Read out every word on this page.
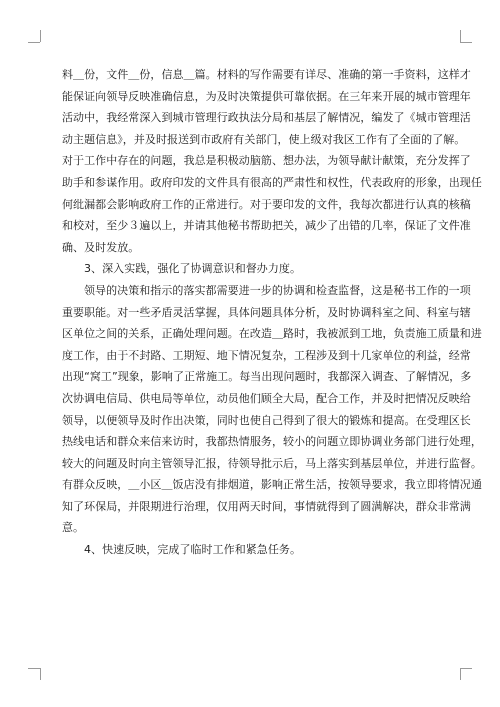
料＿份，文件＿份，信息＿篇。材料的写作需要有详尽、准确的第一手资料，这样才
能保证向领导反映准确信息，为及时决策提供可靠依据。在三年来开展的城市管理年
活动中，我经常深入到城市管理行政执法分局和基层了解情况，编发了《城市管理活
动主题信息》，并及时报送到市政府有关部门，使上级对我区工作有了全面的了解。
对于工作中存在的问题，我总是积极动脑筋、想办法，为领导献计献策，充分发挥了
助手和参谋作用。政府印发的文件具有很高的严肃性和权性，代表政府的形象，出现任
何纰漏都会影响政府工作的正常进行。对于要印发的文件，我每次都进行认真的核稿
和校对，至少３遍以上，并请其他秘书帮助把关，减少了出错的几率，保证了文件准
确、及时发放。
3、深入实践，强化了协调意识和督办力度。
领导的决策和指示的落实都需要进一步的协调和检查监督，这是秘书工作的一项
重要职能。对一些矛盾灵活掌握，具体问题具体分析，及时协调科室之间、科室与辖
区单位之间的关系，正确处理问题。在改造＿路时，我被派到工地，负责施工质量和进
度工作，由于不封路、工期短、地下情况复杂，工程涉及到十几家单位的利益，经常
出现“窝工”现象，影响了正常施工。每当出现问题时，我都深入调查、了解情况，多
次协调电信局、供电局等单位，动员他们顾全大局，配合工作，并及时把情况反映给
领导，以便领导及时作出决策，同时也使自己得到了很大的锻炼和提高。在受理区长
热线电话和群众来信来访时，我都热情服务，较小的问题立即协调业务部门进行处理，
较大的问题及时向主管领导汇报，待领导批示后，马上落实到基层单位，并进行监督。
有群众反映，＿小区＿饭店没有排烟道，影响正常生活，按领导要求，我立即将情况通
知了环保局，并限期进行治理，仅用两天时间，事情就得到了圆满解决，群众非常满
意。
4、快速反映，完成了临时工作和紧急任务。
